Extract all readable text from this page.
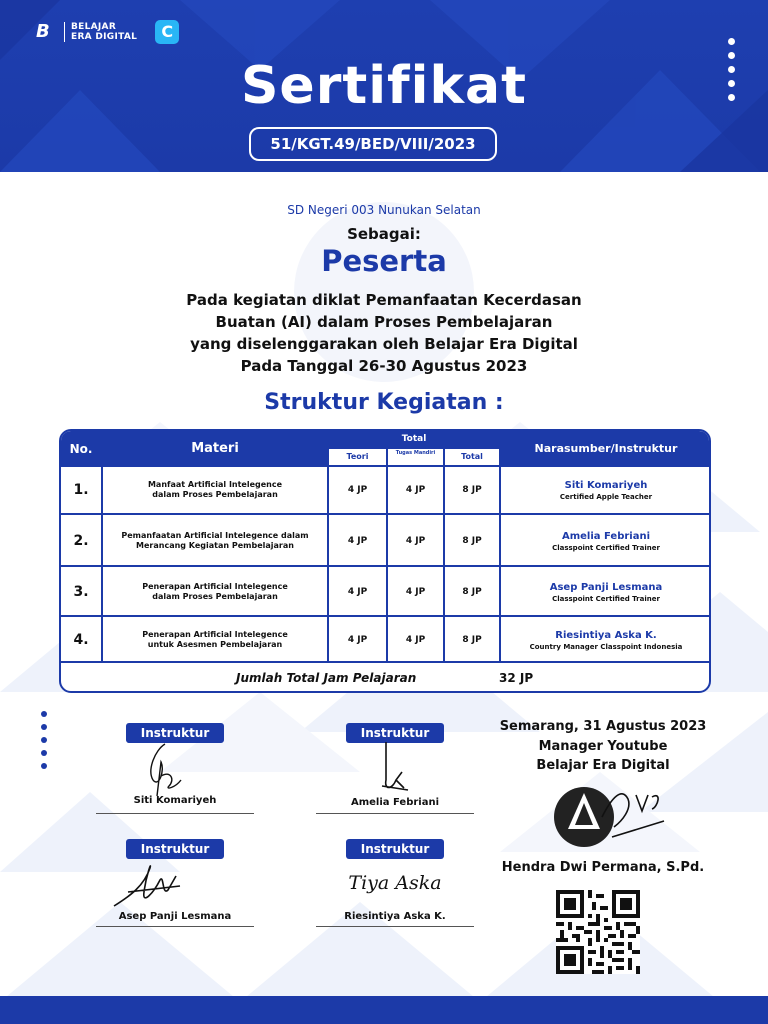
B	BELAJAR
ERA DIGITAL	C
Sertifikat
51/KGT.49/BED/VIII/2023
SD Negeri 003 Nunukan Selatan
Sebagai:
Peserta
Pada kegiatan diklat Pemanfaatan Kecerdasan
Buatan (AI) dalam Proses Pembelajaran
yang diselenggarakan oleh Belajar Era Digital
Pada Tanggal 26-30 Agustus 2023
Struktur Kegiatan :
No.	Materi
Total
Teori	Tugas Mandiri	Total
Narasumber/Instruktur
1.	Manfaat Artificial Intelegence
dalam Proses Pembelajaran	4 JP	4 JP	8 JP	Siti Komariyeh
Certified Apple Teacher
2.	Pemanfaatan Artificial Intelegence dalam
Merancang Kegiatan Pembelajaran	4 JP	4 JP	8 JP	Amelia Febriani
Classpoint Certified Trainer
3.	Penerapan Artificial Intelegence
dalam Proses Pembelajaran	4 JP	4 JP	8 JP	Asep Panji Lesmana
Classpoint Certified Trainer
4.	Penerapan Artificial Intelegence
untuk Asesmen Pembelajaran	4 JP	4 JP	8 JP	Riesintiya Aska K.
Country Manager Classpoint Indonesia
Jumlah Total Jam Pelajaran	32 JP
Instruktur
Siti Komariyeh
Instruktur
Amelia Febriani
Instruktur
Asep Panji Lesmana
Instruktur
Tiya Aska
Riesintiya Aska K.
Semarang, 31 Agustus 2023
Manager Youtube
Belajar Era Digital
Hendra Dwi Permana, S.Pd.
